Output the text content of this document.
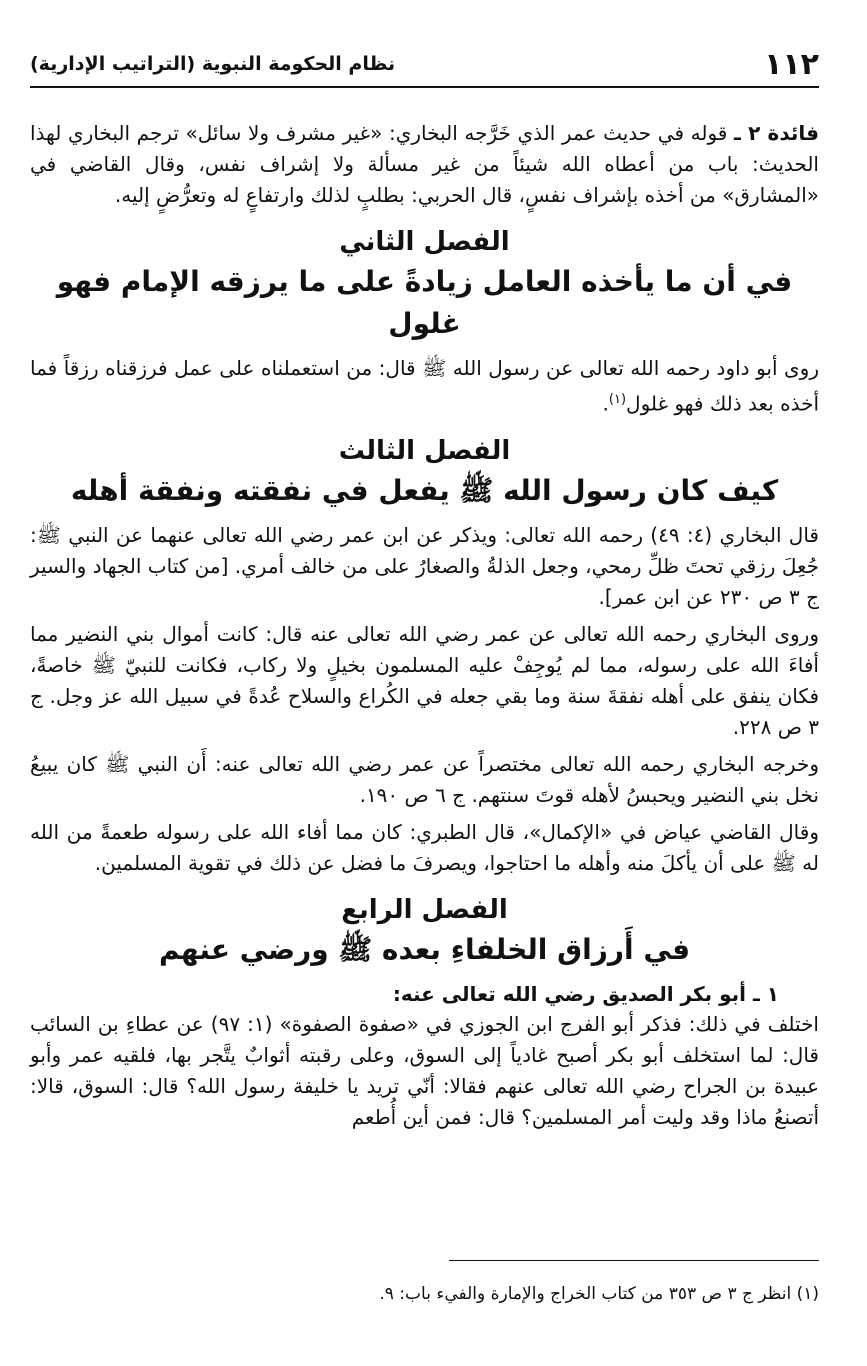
١١٢
نظام الحكومة النبوية (التراتيب الإدارية)

فائدة ٢ ـ قوله في حديث عمر الذي خَرَّجه البخاري: «غير مشرف ولا سائل» ترجم البخاري لهذا الحديث: باب من أعطاه الله شيئاً من غير مسألة ولا إشراف نفس، وقال القاضي في «المشارق» من أخذه بإشراف نفسٍ، قال الحربي: بطلبٍ لذلك وارتفاعٍ له وتعرُّضٍ إليه.

الفصل الثاني
في أن ما يأخذه العامل زيادةً على ما يرزقه الإمام فهو غلول

روى أبو داود رحمه الله تعالى عن رسول الله ﷺ قال: من استعملناه على عمل فرزقناه رزقاً فما أخذه بعد ذلك فهو غلول$^{(١)}$.

الفصل الثالث
كيف كان رسول الله ﷺ يفعل في نفقته ونفقة أهله

قال البخاري (٤: ٤٩) رحمه الله تعالى: ويذكر عن ابن عمر رضي الله تعالى عنهما عن النبي ﷺ: جُعِلَ رزقي تحتَ ظلِّ رمحي، وجعل الذلةُ والصغارُ على من خالف أمري. [من كتاب الجهاد والسير ج ٣ ص ٢٣٠ عن ابن عمر].

وروى البخاري رحمه الله تعالى عن عمر رضي الله تعالى عنه قال: كانت أموال بني النضير مما أفاءَ الله على رسوله، مما لم يُوجِفْ عليه المسلمون بخيلٍ ولا ركاب، فكانت للنبيّ ﷺ خاصةً، فكان ينفق على أهله نفقةَ سنة وما بقي جعله في الكُراع والسلاح عُدةً في سبيل الله عز وجل. ج ٣ ص ٢٢٨.

وخرجه البخاري رحمه الله تعالى مختصراً عن عمر رضي الله تعالى عنه: أَن النبي ﷺ كان يبيعُ نخل بني النضير ويحبسُ لأهله قوتَ سنتهم. ج ٦ ص ١٩٠.

وقال القاضي عياض في «الإكمال»، قال الطبري: كان مما أفاء الله على رسوله طعمةً من الله له ﷺ على أن يأكلَ منه وأهله ما احتاجوا، ويصرفَ ما فضل عن ذلك في تقوية المسلمين.

الفصل الرابع
في أَرزاق الخلفاءِ بعده ﷺ ورضي عنهم
١ ـ أبو بكر الصديق رضي الله تعالى عنه:

اختلف في ذلك: فذكر أبو الفرج ابن الجوزي في «صفوة الصفوة» (١: ٩٧) عن عطاءِ بن السائب قال: لما استخلف أبو بكر أصبح غادياً إلى السوق، وعلى رقبته أثوابٌ يتَّجر بها، فلقيه عمر وأبو عبيدة بن الجراح رضي الله تعالى عنهم فقالا: أنّي تريد يا خليفة رسول الله؟ قال: السوق، قالا: أتصنعُ ماذا وقد وليت أمر المسلمين؟ قال: فمن أين أُطعم

(١) انظر ج ٣ ص ٣٥٣ من كتاب الخراج والإمارة والفيء باب: ٩.
